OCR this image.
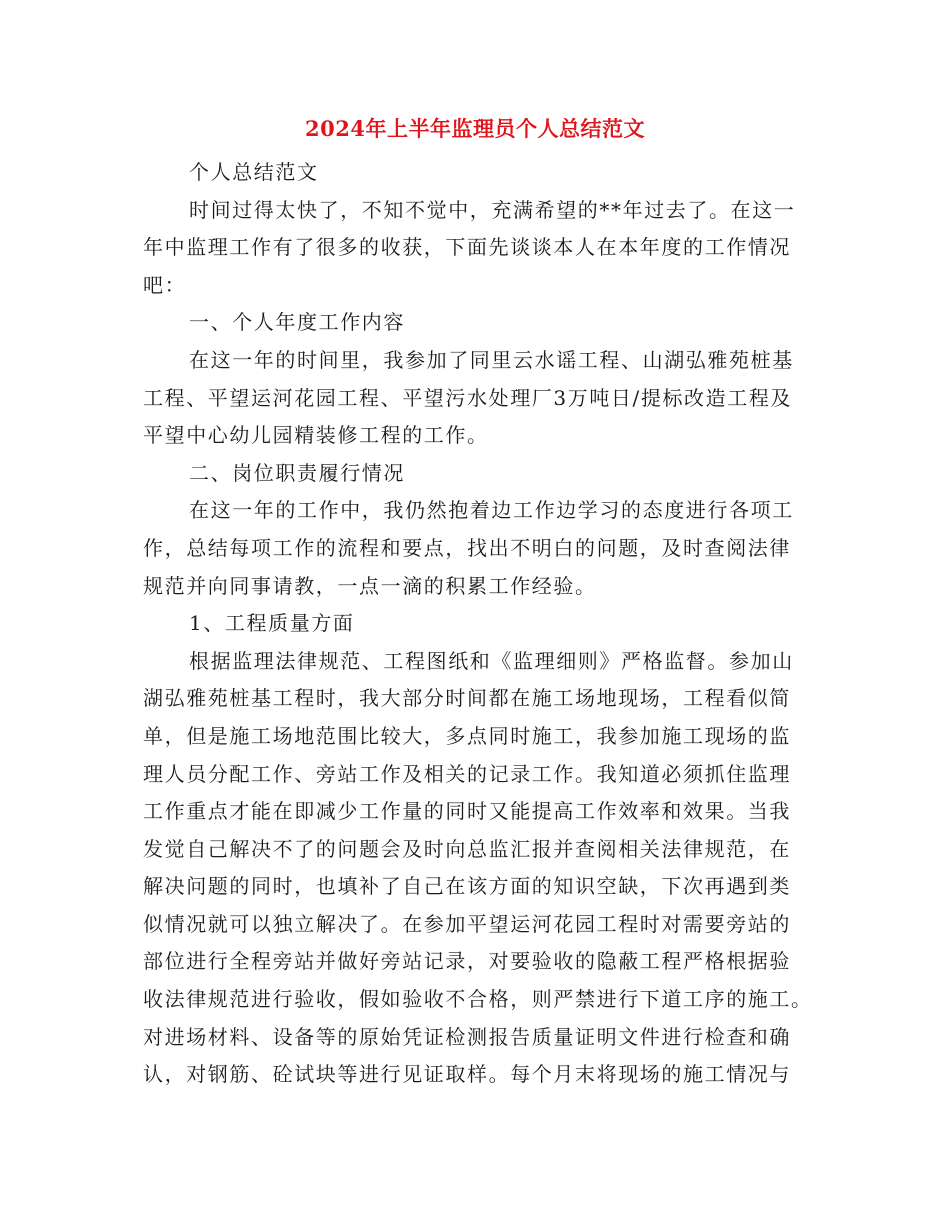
2024年上半年监理员个人总结范文
个人总结范文
时间过得太快了，不知不觉中，充满希望的**年过去了。在这一
年中监理工作有了很多的收获，下面先谈谈本人在本年度的工作情况
吧：
一、个人年度工作内容
在这一年的时间里，我参加了同里云水谣工程、山湖弘雅苑桩基
工程、平望运河花园工程、平望污水处理厂3万吨日/提标改造工程及
平望中心幼儿园精装修工程的工作。
二、岗位职责履行情况
在这一年的工作中，我仍然抱着边工作边学习的态度进行各项工
作，总结每项工作的流程和要点，找出不明白的问题，及时查阅法律
规范并向同事请教，一点一滴的积累工作经验。
1、工程质量方面
根据监理法律规范、工程图纸和《监理细则》严格监督。参加山
湖弘雅苑桩基工程时，我大部分时间都在施工场地现场，工程看似简
单，但是施工场地范围比较大，多点同时施工，我参加施工现场的监
理人员分配工作、旁站工作及相关的记录工作。我知道必须抓住监理
工作重点才能在即减少工作量的同时又能提高工作效率和效果。当我
发觉自己解决不了的问题会及时向总监汇报并查阅相关法律规范，在
解决问题的同时，也填补了自己在该方面的知识空缺，下次再遇到类
似情况就可以独立解决了。在参加平望运河花园工程时对需要旁站的
部位进行全程旁站并做好旁站记录，对要验收的隐蔽工程严格根据验
收法律规范进行验收，假如验收不合格，则严禁进行下道工序的施工。
对进场材料、设备等的原始凭证检测报告质量证明文件进行检查和确
认，对钢筋、砼试块等进行见证取样。每个月末将现场的施工情况与
